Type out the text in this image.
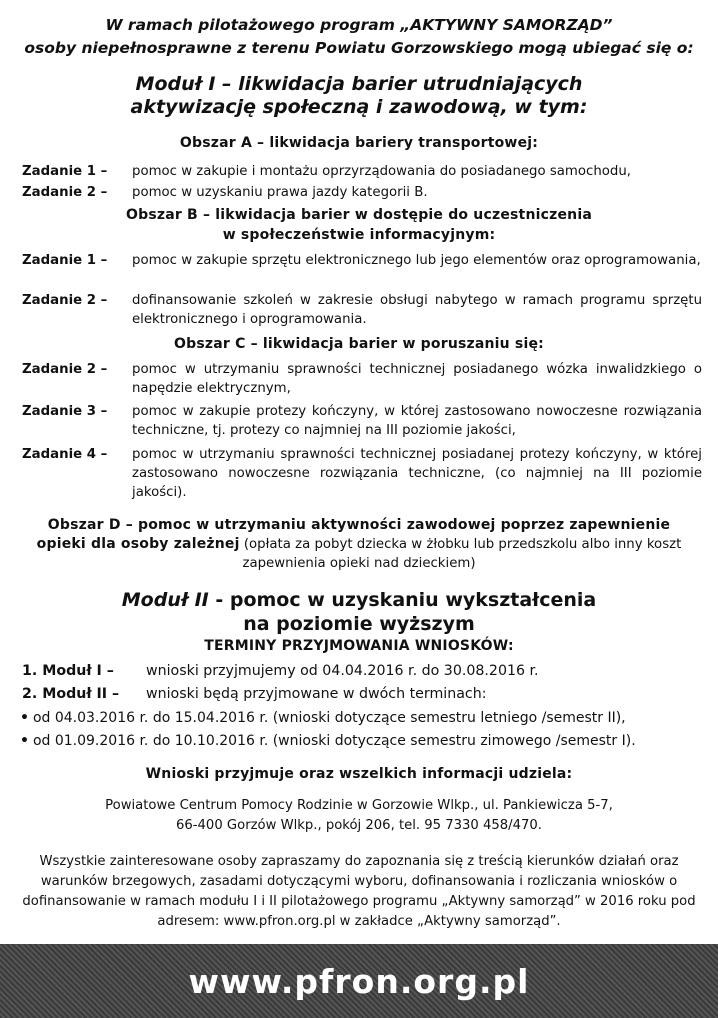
W ramach pilotażowego program „AKTYWNY SAMORZĄD”
osoby niepełnosprawne z terenu Powiatu Gorzowskiego mogą ubiegać się o:
Moduł I – likwidacja barier utrudniających
aktywizację społeczną i zawodową, w tym:
Obszar A – likwidacja bariery transportowej:
Zadanie 1 –	pomoc w zakupie i montażu oprzyrządowania do posiadanego samochodu,
Zadanie 2 –	pomoc w uzyskaniu prawa jazdy kategorii B.
Obszar B – likwidacja barier w dostępie do uczestniczenia
w społeczeństwie informacyjnym:
Zadanie 1 –	pomoc w zakupie sprzętu elektronicznego lub jego elementów oraz oprogramowania,
Zadanie 2 –	dofinansowanie szkoleń w zakresie obsługi nabytego w ramach programu sprzętu elektronicznego i oprogramowania.
Obszar C – likwidacja barier w poruszaniu się:
Zadanie 2 –	pomoc w utrzymaniu sprawności technicznej posiadanego wózka inwalidzkiego o napędzie elektrycznym,
Zadanie 3 –	pomoc w zakupie protezy kończyny, w której zastosowano nowoczesne rozwiązania techniczne, tj. protezy co najmniej na III poziomie jakości,
Zadanie 4 –	pomoc w utrzymaniu sprawności technicznej posiadanej protezy kończyny, w której zastosowano nowoczesne rozwiązania techniczne, (co najmniej na III poziomie jakości).
Obszar D – pomoc w utrzymaniu aktywności zawodowej poprzez zapewnienie opieki dla osoby zależnej (opłata za pobyt dziecka w żłobku lub przedszkolu albo inny koszt zapewnienia opieki nad dzieckiem)
Moduł II - pomoc w uzyskaniu wykształcenia
na poziomie wyższym
TERMINY PRZYJMOWANIA WNIOSKÓW:
1. Moduł I –	wnioski przyjmujemy od 04.04.2016 r. do 30.08.2016 r.
2. Moduł II –	wnioski będą przyjmowane w dwóch terminach:
• od 04.03.2016 r. do 15.04.2016 r. (wnioski dotyczące semestru letniego /semestr II),
• od 01.09.2016 r. do 10.10.2016 r. (wnioski dotyczące semestru zimowego /semestr I).
Wnioski przyjmuje oraz wszelkich informacji udziela:
Powiatowe Centrum Pomocy Rodzinie w Gorzowie Wlkp., ul. Pankiewicza 5-7,
66-400 Gorzów Wlkp., pokój 206, tel. 95 7330 458/470.
Wszystkie zainteresowane osoby zapraszamy do zapoznania się z treścią kierunków działań oraz warunków brzegowych, zasadami dotyczącymi wyboru, dofinansowania i rozliczania wniosków o dofinansowanie w ramach modułu I i II pilotażowego programu „Aktywny samorząd” w 2016 roku pod adresem: www.pfron.org.pl w zakładce „Aktywny samorząd”.
www.pfron.org.pl
